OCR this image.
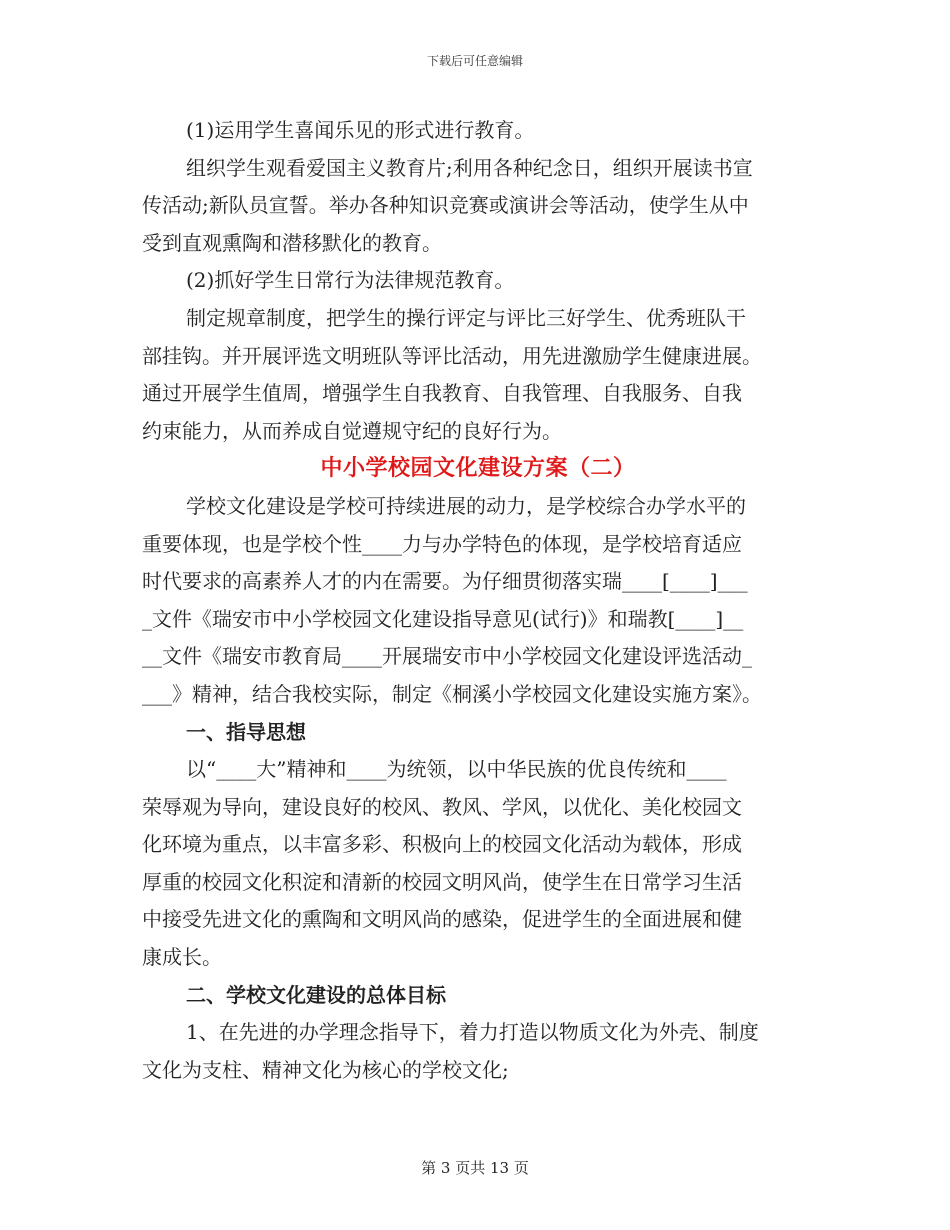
下载后可任意编辑
(1)运用学生喜闻乐见的形式进行教育。
组织学生观看爱国主义教育片;利用各种纪念日，组织开展读书宣
传活动;新队员宣誓。举办各种知识竞赛或演讲会等活动，使学生从中
受到直观熏陶和潜移默化的教育。
(2)抓好学生日常行为法律规范教育。
制定规章制度，把学生的操行评定与评比三好学生、优秀班队干
部挂钩。并开展评选文明班队等评比活动，用先进激励学生健康进展。
通过开展学生值周，增强学生自我教育、自我管理、自我服务、自我
约束能力，从而养成自觉遵规守纪的良好行为。
中小学校园文化建设方案（二）
学校文化建设是学校可持续进展的动力，是学校综合办学水平的
重要体现，也是学校个性____力与办学特色的体现，是学校培育适应
时代要求的高素养人才的内在需要。为仔细贯彻落实瑞____[____]___
_文件《瑞安市中小学校园文化建设指导意见(试行)》和瑞教[____]__
__文件《瑞安市教育局____开展瑞安市中小学校园文化建设评选活动_
___》精神，结合我校实际，制定《桐溪小学校园文化建设实施方案》。
一、指导思想
以“____大”精神和____为统领，以中华民族的优良传统和____
荣辱观为导向，建设良好的校风、教风、学风，以优化、美化校园文
化环境为重点，以丰富多彩、积极向上的校园文化活动为载体，形成
厚重的校园文化积淀和清新的校园文明风尚，使学生在日常学习生活
中接受先进文化的熏陶和文明风尚的感染，促进学生的全面进展和健
康成长。
二、学校文化建设的总体目标
1、在先进的办学理念指导下，着力打造以物质文化为外壳、制度
文化为支柱、精神文化为核心的学校文化;
第 3 页共 13 页
